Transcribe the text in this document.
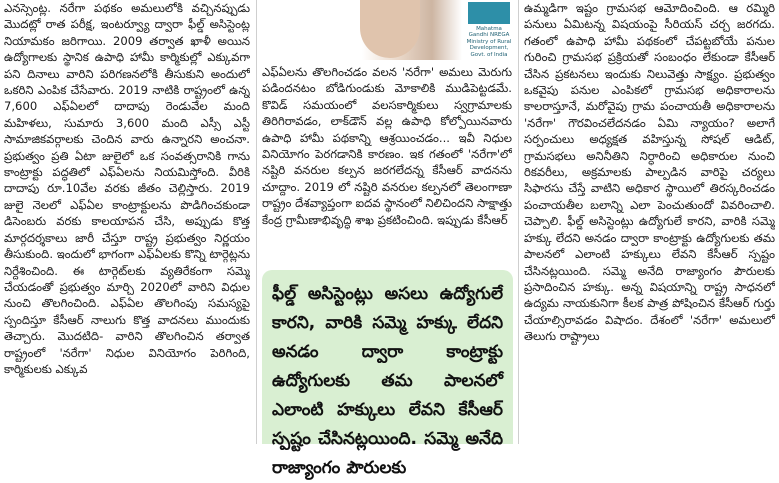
ఎనస్సెంట్ల. నరేగా పథకం అమలులోకి వచ్చినప్పుడు మొదట్లో రాత పరీక్ష, ఇంటర్వ్యూ ద్వారా ఫీల్డ్ అసిస్టెంట్ల నియామకం జరిగాయి. 2009 తర్వాత ఖాళీ అయిన ఉద్యోగాలకు స్థానిక ఉపాధి హామీ కార్మికుల్లో ఎక్కువగా పని దినాలు వారిని పరిగణనలోకి తీసుకుని అందులో ఒకరిని ఎంపిక చేసేవారు. 2019 నాటికి రాష్ట్రంలో ఉన్న 7,600 ఎఫ్‌ఏలలో దాదాపు రెండువేల మంది మహిళలు, సుమారు 3,600 మంది ఎస్సీ ఎస్టీ సామాజికవర్గాలకు చెందిన వారు ఉన్నారని అంచనా. ప్రభుత్వం ప్రతి ఏటా జులైలో ఒక సంవత్సరానికి గాను కాంట్రాక్టు పద్ధతిలో ఎఫ్‌ఏలను నియమిస్తోంది. వీరికి దాదాపు రూ.10వేల వరకు జీతం చెల్లిస్తారు. 2019 జులై నెలలో ఎఫ్‌ఏల కాంట్రాక్టులను పొడిగించకుండా డిసెంబరు వరకు కాలయాపన చేసి, అప్పుడు కొత్త మార్గదర్శకాలు జారీ చేస్తూ రాష్ట్ర ప్రభుత్వం నిర్ణయం తీసుకుంది. ఇందులో భాగంగా ఎఫ్‌ఏలకు కొన్ని టార్గెట్లను నిర్దేశించింది. ఈ టార్గెట్‌లకు వ్యతిరేకంగా సమ్మె చేయడంతో ప్రభుత్వం మార్చి 2020లో వారిని విధుల నుంచి తొలగించింది. ఎఫ్‌ఏల తొలగింపు సమస్యపై స్పందిస్తూ కేసీఆర్ నాలుగు కొత్త వాదనలు ముందుకు తెచ్చారు. మొదటిది- వారిని తొలగించిన తర్వాత రాష్ట్రంలో 'నరేగా' నిధుల వినియోగం పెరిగింది, కార్మికులకు ఎక్కువ

Mahatma Gandhi NREGA
Ministry of Rural Development, Govt. of India

ఎఫ్‌ఏలను తొలగించడం వలన 'నరేగా' అమలు మెరుగు పడిందనటం బోడిగుండుకు మోకాలికి ముడిపెట్టడమే. కొవిడ్ సమయంలో వలసకార్మికులు స్వగ్రామాలకు తిరిగిరావడం, లాక్‌డౌన్ వల్ల ఉపాధి కోల్పోయినవారు ఉపాధి హామీ పథకాన్ని ఆశ్రయించడం... ఇవీ నిధుల వినియోగం పెరగడానికి కారణం. ఇక గతంలో 'నరేగా'లో నష్టిరి వనరుల కల్పన జరగలేదన్న కేసీఆర్ వాదనను చూద్దాం. 2019 లో నష్టిరి వనరుల కల్పనలో తెలంగాణా రాష్ట్రం దేశవ్యాప్తంగా ఐదవ స్థానంలో నిలిచిందని సాక్షాత్తు కేంద్ర గ్రామీణాభివృద్ధి శాఖ ప్రకటించింది. ఇప్పుడు కేసీఆర్

ఫీల్డ్ అసిస్టెంట్లు అసలు ఉద్యోగులే కారని, వారికి సమ్మె హక్కు లేదని అనడం ద్వారా కాంట్రాక్టు ఉద్యోగులకు తమ పాలనలో ఎలాంటి హక్కులు లేవని కేసీఆర్ స్పష్టం చేసినట్లయింది. సమ్మె అనేది రాజ్యాంగం పౌరులకు

ఉమ్మడిగా ఇష్టం గ్రామసభ ఆమోదించింది. ఆ రమ్మిరి పనులు ఏమిటన్న విషయంపై సీరియస్ చర్చ జరగదు. గతంలో ఉపాధి హామీ పథకంలో చేపట్టబోయే పనుల గురించి గ్రామసభ ప్రక్రియతో సంబంధం లేకుండా కేసీఆర్ చేసిన ప్రకటనలు ఇందుకు నిలువెత్తు సాక్ష్యం. ప్రభుత్వం ఒకవైపు పనుల ఎంపికలో గ్రామసభ అధికారాలను కాలరాస్తూనే, మరోవైపు గ్రామ పంచాయతీ అధికారాలను 'నరేగా' గౌరవించలేదనడం ఏమి న్యాయం? అలాగే సర్పంచులు అధ్యక్షత వహిస్తున్న సోషల్ ఆడిట్, గ్రామసభలు అనినీతిని నిర్ధారించి అధికారుల నుంచి రికవరీలు, అక్రమాలకు పాల్పడిన వారిపై చర్యలు సిఫారసు చేస్తే వాటిని అధికార స్థాయిలో తిరస్కరించడం పంచాయతీల బలాన్ని ఎలా పెంచుతుందో వివరించాలి. చెప్పాలి. ఫీల్డ్ అసిస్టెంట్లు ఉద్యోగులే కారని, వారికి సమ్మె హక్కు లేదని అనడం ద్వారా కాంట్రాక్టు ఉద్యోగులకు తమ పాలనలో ఎలాంటి హక్కులు లేవని కేసీఆర్ స్పష్టం చేసినట్లయింది. సమ్మె అనేది రాజ్యాంగం పౌరులకు ప్రసాదించిన హక్కు. అన్న విషయాన్ని రాష్ట్ర సాధనలో ఉద్యమ నాయకునిగా కీలక పాత్ర పోషించిన కేసీఆర్ గుర్తు చేయాల్సిరావడం విషాదం. దేశంలో 'నరేగా' అమలులో తెలుగు రాష్ట్రాలు
